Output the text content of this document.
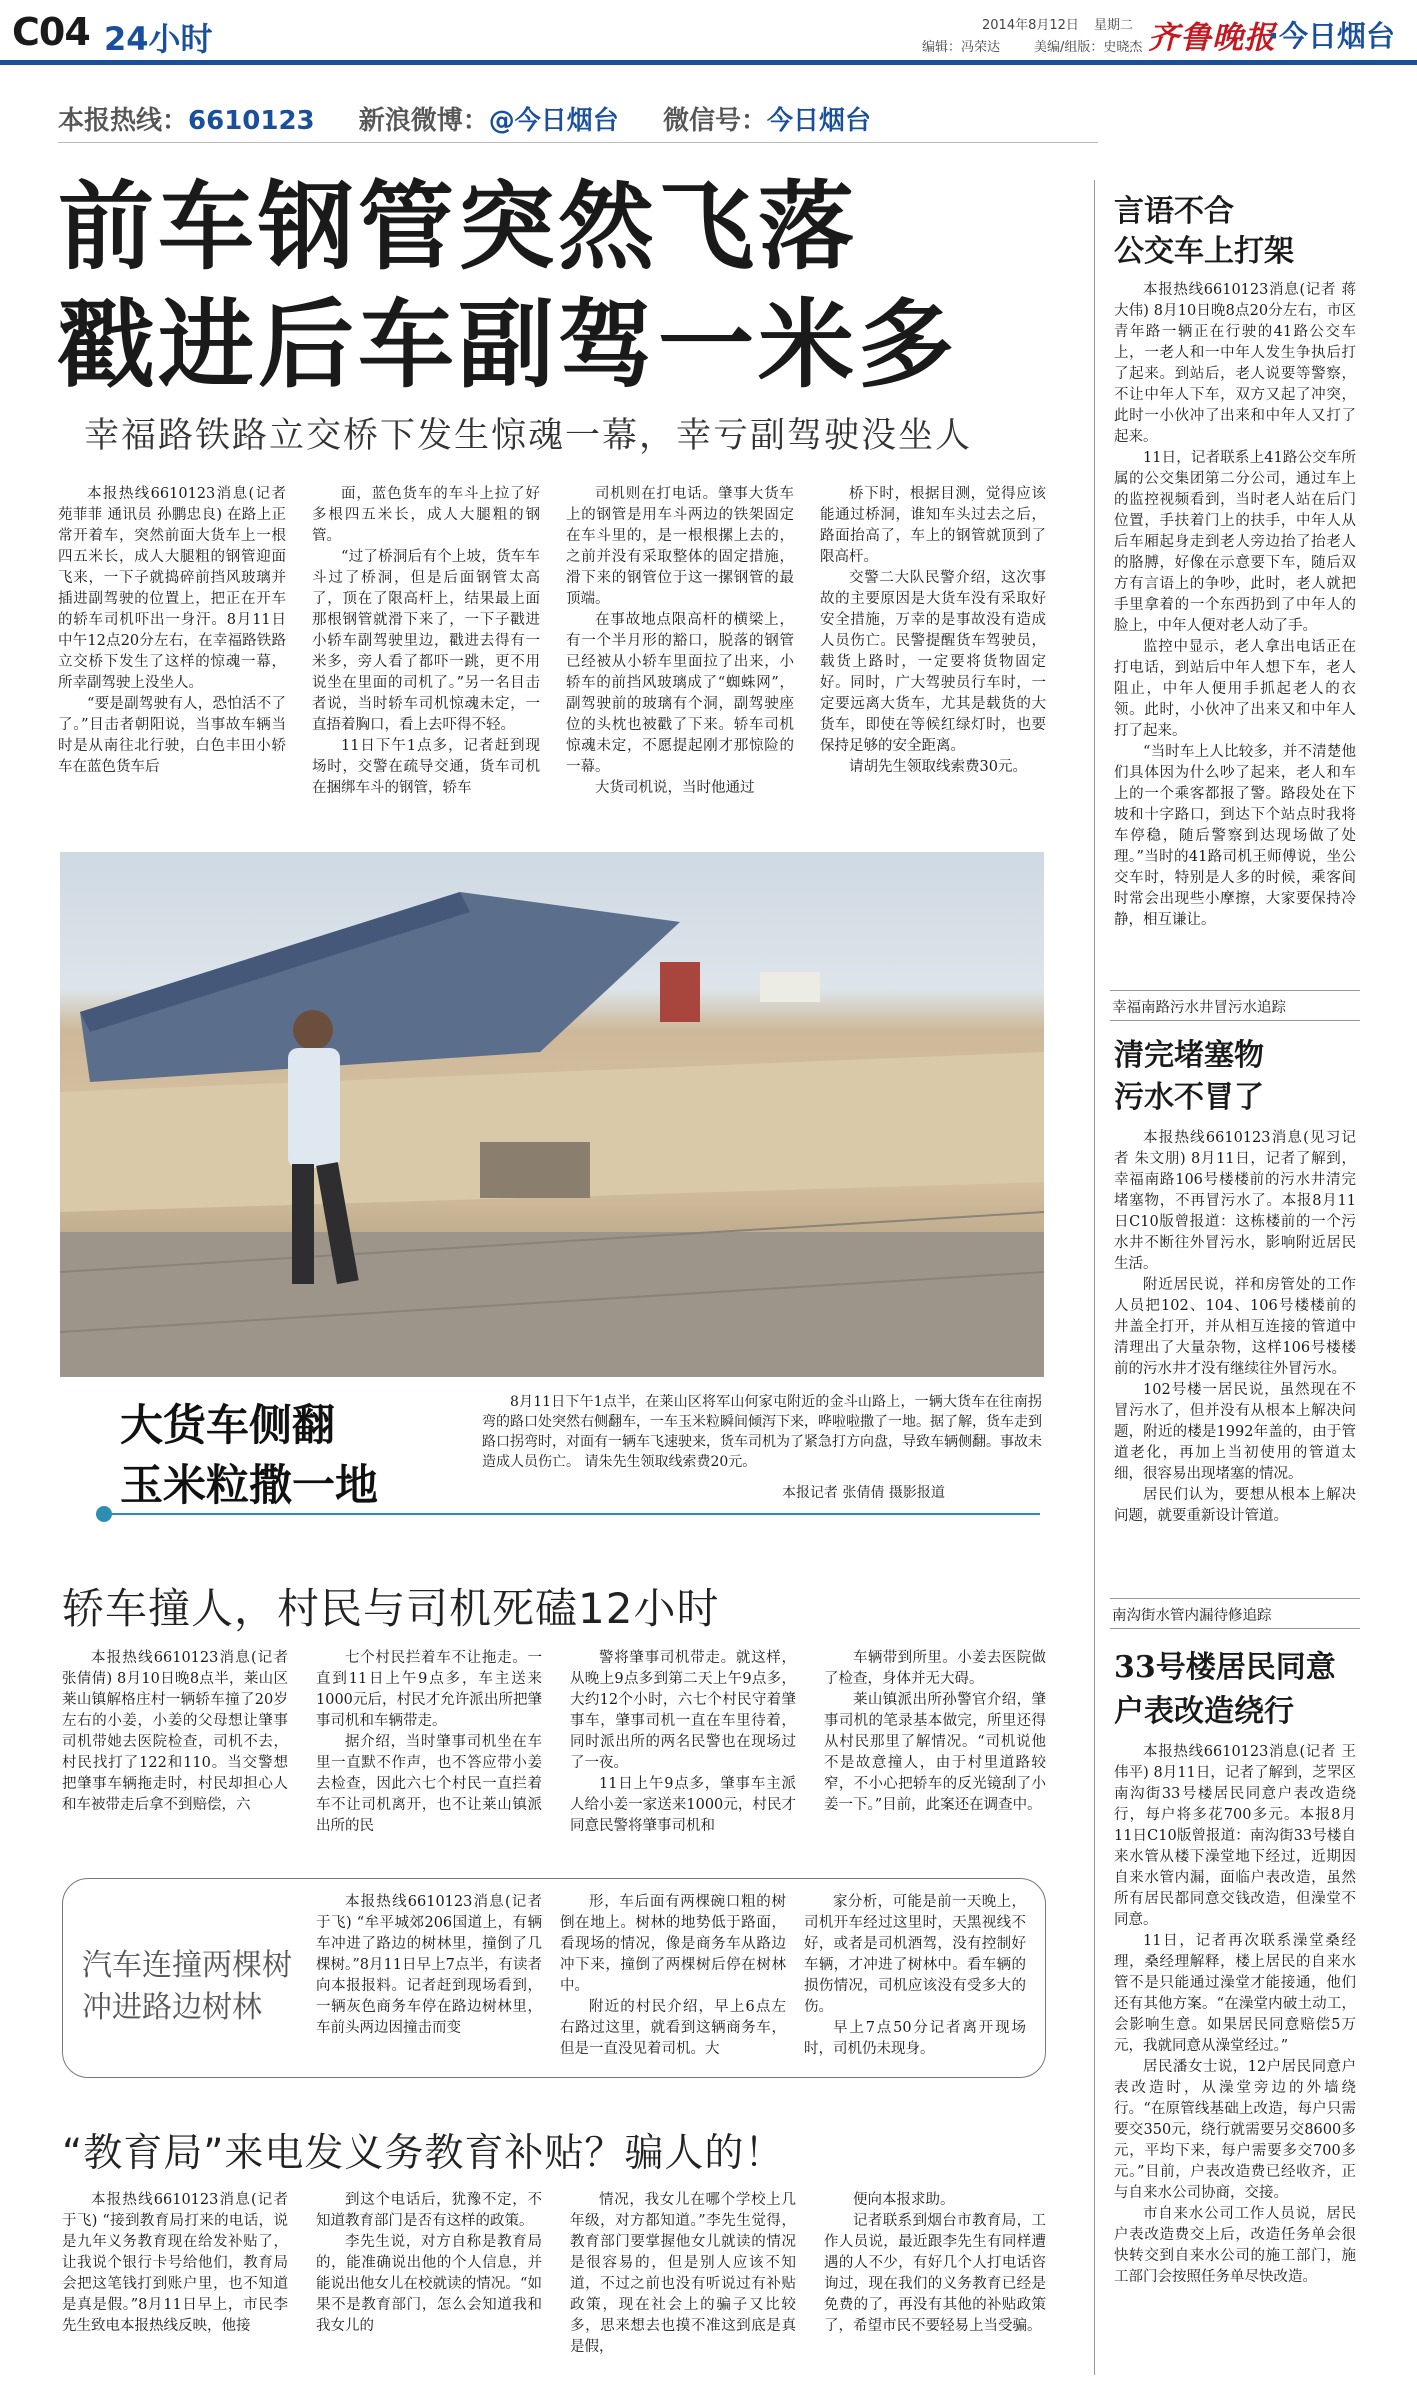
C04 24小时	2014年8月12日 星期二
编辑：冯荣达	美编/组版：史晓杰 齐鲁晚报
·今日烟台
本报热线：6610123 新浪微博：@今日烟台 微信号：今日烟台
前车钢管突然飞落
戳进后车副驾一米多
幸福路铁路立交桥下发生惊魂一幕，幸亏副驾驶没坐人

本报热线6610123消息(记者 苑菲菲 通讯员 孙鹏忠良) 在路上正常开着车，突然前面大货车上一根四五米长，成人大腿粗的钢管迎面飞来，一下子就捣碎前挡风玻璃并插进副驾驶的位置上，把正在开车的轿车司机吓出一身汗。8月11日中午12点20分左右，在幸福路铁路立交桥下发生了这样的惊魂一幕，所幸副驾驶上没坐人。

“要是副驾驶有人，恐怕活不了了。”目击者朝阳说，当事故车辆当时是从南往北行驶，白色丰田小轿车在蓝色货车后

面，蓝色货车的车斗上拉了好多根四五米长，成人大腿粗的钢管。

“过了桥洞后有个上坡，货车车斗过了桥洞，但是后面钢管太高了，顶在了限高杆上，结果最上面那根钢管就滑下来了，一下子戳进小轿车副驾驶里边，戳进去得有一米多，旁人看了都吓一跳，更不用说坐在里面的司机了。”另一名目击者说，当时轿车司机惊魂未定，一直捂着胸口，看上去吓得不轻。

11日下午1点多，记者赶到现场时，交警在疏导交通，货车司机在捆绑车斗的钢管，轿车

司机则在打电话。肇事大货车上的钢管是用车斗两边的铁架固定在车斗里的，是一根根摞上去的，之前并没有采取整体的固定措施，滑下来的钢管位于这一摞钢管的最顶端。

在事故地点限高杆的横梁上，有一个半月形的豁口，脱落的钢管已经被从小轿车里面拉了出来，小轿车的前挡风玻璃成了“蜘蛛网”，副驾驶前的玻璃有个洞，副驾驶座位的头枕也被戳了下来。轿车司机惊魂未定，不愿提起刚才那惊险的一幕。

大货司机说，当时他通过

桥下时，根据目测，觉得应该能通过桥洞，谁知车头过去之后，路面抬高了，车上的钢管就顶到了限高杆。

交警二大队民警介绍，这次事故的主要原因是大货车没有采取好安全措施，万幸的是事故没有造成人员伤亡。民警提醒货车驾驶员，载货上路时，一定要将货物固定好。同时，广大驾驶员行车时，一定要远离大货车，尤其是载货的大货车，即使在等候红绿灯时，也要保持足够的安全距离。

请胡先生领取线索费30元。

大货车侧翻
玉米粒撒一地

8月11日下午1点半，在莱山区将军山何家屯附近的金斗山路上，一辆大货车在往南拐弯的路口处突然右侧翻车，一车玉米粒瞬间倾泻下来，哗啦啦撒了一地。据了解，货车走到路口拐弯时，对面有一辆车飞速驶来，货车司机为了紧急打方向盘，导致车辆侧翻。事故未造成人员伤亡。 请朱先生领取线索费20元。

本报记者 张倩倩 摄影报道
轿车撞人，村民与司机死磕12小时

本报热线6610123消息(记者 张倩倩) 8月10日晚8点半，莱山区莱山镇解格庄村一辆轿车撞了20岁左右的小姜，小姜的父母想让肇事司机带她去医院检查，司机不去，村民找打了122和110。当交警想把肇事车辆拖走时，村民却担心人和车被带走后拿不到赔偿，六

七个村民拦着车不让拖走。一直到11日上午9点多，车主送来1000元后，村民才允许派出所把肇事司机和车辆带走。

据介绍，当时肇事司机坐在车里一直默不作声，也不答应带小姜去检查，因此六七个村民一直拦着车不让司机离开，也不让莱山镇派出所的民

警将肇事司机带走。就这样，从晚上9点多到第二天上午9点多，大约12个小时，六七个村民守着肇事车，肇事司机一直在车里待着，同时派出所的两名民警也在现场过了一夜。

11日上午9点多，肇事车主派人给小姜一家送来1000元，村民才同意民警将肇事司机和

车辆带到所里。小姜去医院做了检查，身体并无大碍。

莱山镇派出所孙警官介绍，肇事司机的笔录基本做完，所里还得从村民那里了解情况。“司机说他不是故意撞人，由于村里道路较窄，不小心把轿车的反光镜刮了小姜一下。”目前，此案还在调查中。

汽车连撞两棵树
冲进路边树林

本报热线6610123消息(记者 于飞) “牟平城郊206国道上，有辆车冲进了路边的树林里，撞倒了几棵树。”8月11日早上7点半，有读者向本报报料。记者赶到现场看到，一辆灰色商务车停在路边树林里，车前头两边因撞击而变

形，车后面有两棵碗口粗的树倒在地上。树林的地势低于路面，看现场的情况，像是商务车从路边冲下来，撞倒了两棵树后停在树林中。

附近的村民介绍，早上6点左右路过这里，就看到这辆商务车，但是一直没见着司机。大

家分析，可能是前一天晚上，司机开车经过这里时，天黑视线不好，或者是司机酒驾，没有控制好车辆，才冲进了树林中。看车辆的损伤情况，司机应该没有受多大的伤。

早上7点50分记者离开现场时，司机仍未现身。

“教育局”来电发义务教育补贴？骗人的！

本报热线6610123消息(记者 于飞) “接到教育局打来的电话，说是九年义务教育现在给发补贴了，让我说个银行卡号给他们，教育局会把这笔钱打到账户里，也不知道是真是假。”8月11日早上，市民李先生致电本报热线反映，他接

到这个电话后，犹豫不定，不知道教育部门是否有这样的政策。

李先生说，对方自称是教育局的，能准确说出他的个人信息，并能说出他女儿在校就读的情况。“如果不是教育部门，怎么会知道我和我女儿的

情况，我女儿在哪个学校上几年级，对方都知道。”李先生觉得，教育部门要掌握他女儿就读的情况是很容易的，但是别人应该不知道，不过之前也没有听说过有补贴政策，现在社会上的骗子又比较多，思来想去也摸不准这到底是真是假，

便向本报求助。

记者联系到烟台市教育局，工作人员说，最近跟李先生有同样遭遇的人不少，有好几个人打电话咨询过，现在我们的义务教育已经是免费的了，再没有其他的补贴政策了，希望市民不要轻易上当受骗。

言语不合
公交车上打架

本报热线6610123消息(记者 蒋大伟) 8月10日晚8点20分左右，市区青年路一辆正在行驶的41路公交车上，一老人和一中年人发生争执后打了起来。到站后，老人说要等警察，不让中年人下车，双方又起了冲突，此时一小伙冲了出来和中年人又打了起来。

11日，记者联系上41路公交车所属的公交集团第二分公司，通过车上的监控视频看到，当时老人站在后门位置，手扶着门上的扶手，中年人从后车厢起身走到老人旁边抬了抬老人的胳膊，好像在示意要下车，随后双方有言语上的争吵，此时，老人就把手里拿着的一个东西扔到了中年人的脸上，中年人便对老人动了手。

监控中显示，老人拿出电话正在打电话，到站后中年人想下车，老人阻止，中年人便用手抓起老人的衣领。此时，小伙冲了出来又和中年人打了起来。

“当时车上人比较多，并不清楚他们具体因为什么吵了起来，老人和车上的一个乘客都报了警。路段处在下坡和十字路口，到达下个站点时我将车停稳，随后警察到达现场做了处理。”当时的41路司机王师傅说，坐公交车时，特别是人多的时候，乘客间时常会出现些小摩擦，大家要保持冷静，相互谦让。

幸福南路污水井冒污水追踪
清完堵塞物
污水不冒了

本报热线6610123消息(见习记者 朱文朋) 8月11日，记者了解到，幸福南路106号楼楼前的污水井清完堵塞物，不再冒污水了。本报8月11日C10版曾报道：这栋楼前的一个污水井不断往外冒污水，影响附近居民生活。

附近居民说，祥和房管处的工作人员把102、104、106号楼楼前的井盖全打开，并从相互连接的管道中清理出了大量杂物，这样106号楼楼前的污水井才没有继续往外冒污水。

102号楼一居民说，虽然现在不冒污水了，但并没有从根本上解决问题，附近的楼是1992年盖的，由于管道老化，再加上当初使用的管道太细，很容易出现堵塞的情况。

居民们认为，要想从根本上解决问题，就要重新设计管道。

南沟街水管内漏待修追踪
33号楼居民同意
户表改造绕行

本报热线6610123消息(记者 王伟平) 8月11日，记者了解到，芝罘区南沟街33号楼居民同意户表改造绕行，每户将多花700多元。本报8月11日C10版曾报道：南沟街33号楼自来水管从楼下澡堂地下经过，近期因自来水管内漏，面临户表改造，虽然所有居民都同意交钱改造，但澡堂不同意。

11日，记者再次联系澡堂桑经理，桑经理解释，楼上居民的自来水管不是只能通过澡堂才能接通，他们还有其他方案。“在澡堂内破土动工，会影响生意。如果居民同意赔偿5万元，我就同意从澡堂经过。”

居民潘女士说，12户居民同意户表改造时，从澡堂旁边的外墙绕行。“在原管线基础上改造，每户只需要交350元，绕行就需要另交8600多元，平均下来，每户需要多交700多元。”目前，户表改造费已经收齐，正与自来水公司协商，交接。

市自来水公司工作人员说，居民户表改造费交上后，改造任务单会很快转交到自来水公司的施工部门，施工部门会按照任务单尽快改造。
